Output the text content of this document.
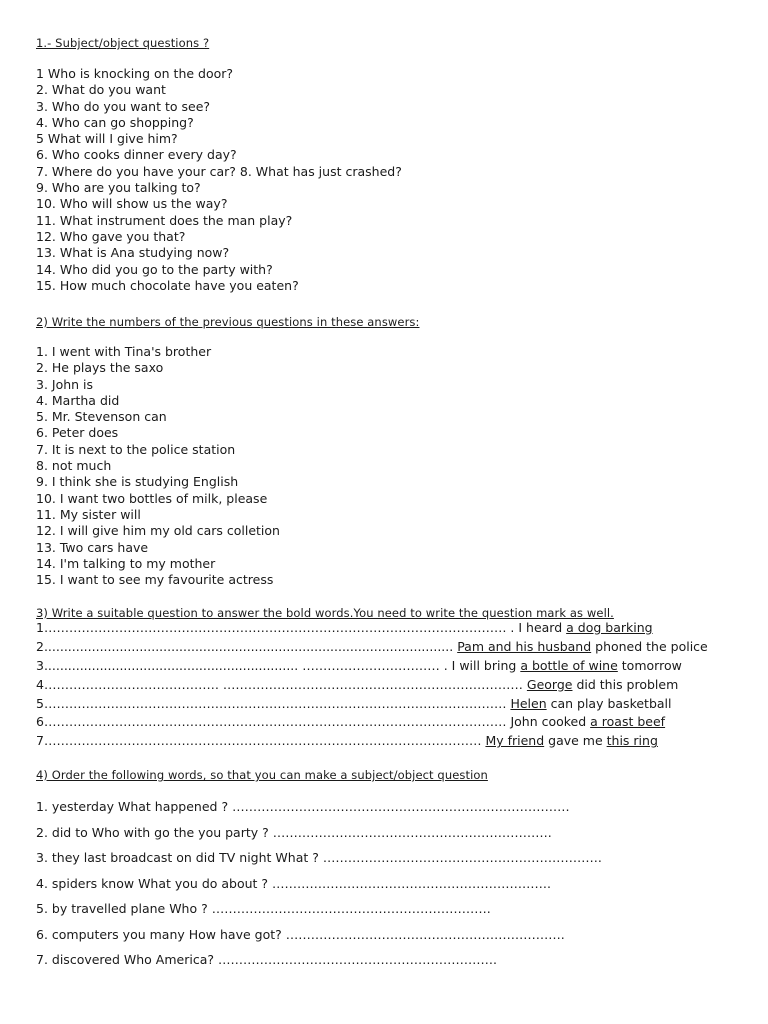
1.- Subject/object questions ?
1 Who is knocking on the door?
2. What do you want
3. Who do you want to see?
4. Who can go shopping?
5 What will I give him?
6. Who cooks dinner every day?
7. Where do you have your car? 8. What has just crashed?
9. Who are you talking to?
10. Who will show us the way?
11. What instrument does the man play?
12. Who gave you that?
13. What is Ana studying now?
14. Who did you go to the party with?
15. How much chocolate have you eaten?
2) Write the numbers of the previous questions in these answers:
1. I went with Tina's brother
2. He plays the saxo
3. John is
4. Martha did
5. Mr. Stevenson can
6. Peter does
7. It is next to the police station
8. not much
9. I think she is studying English
10. I want two bottles of milk, please
11. My sister will
12. I will give him my old cars colletion
13. Two cars have
14. I'm talking to my mother
15. I want to see my favourite actress
3) Write a suitable question to answer the bold words.You need to write the question mark as well.
1………………………………………………………………………………………………… . I heard a dog barking
2....................................................................................................... Pam and his husband phoned the police
3................................................................ …………………………… . I will bring a bottle of wine tomorrow
4…………………………………… ……………………………………………………………… George did this problem
5………………………………………………………………………………………………… Helen can play basketball
6………………………………………………………………………………………………… John cooked a roast beef
7…………………………………………………………………………………………… My friend gave me this ring
4) Order the following words, so that you can make a subject/object question
1. yesterday What happened ? ………………………………………………………………………
2. did to Who with go the you party ? ………………………………………………………….
3. they last broadcast on did TV night What ? ………………………………………………………….
4. spiders know What you do about ? ………………………………………………………….
5. by travelled plane Who ? ………………………………………………………….
6. computers you many How have got? ………………………………………………………….
7. discovered Who America? ………………………………………………………….
